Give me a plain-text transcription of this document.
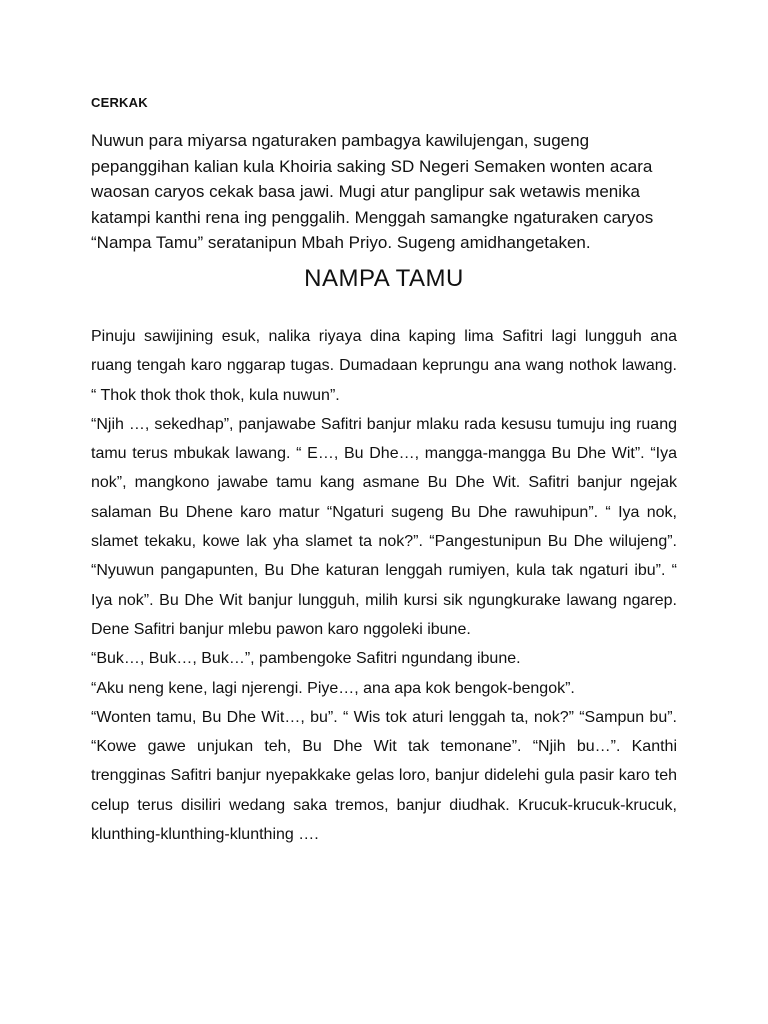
CERKAK

Nuwun para miyarsa ngaturaken pambagya kawilujengan, sugeng pepanggihan kalian kula Khoiria saking SD Negeri Semaken wonten acara waosan caryos cekak basa jawi. Mugi atur panglipur sak wetawis menika katampi kanthi rena ing penggalih. Menggah samangke ngaturaken caryos “Nampa Tamu” seratanipun Mbah Priyo. Sugeng amidhangetaken.

NAMPA TAMU

Pinuju sawijining esuk, nalika riyaya dina kaping lima Safitri lagi lungguh ana ruang tengah karo nggarap tugas. Dumadaan keprungu ana wang nothok lawang. “ Thok thok thok thok, kula nuwun”.

“Njih …, sekedhap”, panjawabe Safitri banjur mlaku rada kesusu tumuju ing ruang tamu terus mbukak lawang. “ E…, Bu Dhe…, mangga-mangga Bu Dhe Wit”. “Iya nok”, mangkono jawabe tamu kang asmane Bu Dhe Wit. Safitri banjur ngejak salaman Bu Dhene karo matur “Ngaturi sugeng Bu Dhe rawuhipun”. “ Iya nok, slamet tekaku, kowe lak yha slamet ta nok?”. “Pangestunipun Bu Dhe wilujeng”. “Nyuwun pangapunten, Bu Dhe katuran lenggah rumiyen, kula tak ngaturi ibu”. “ Iya nok”. Bu Dhe Wit banjur lungguh, milih kursi sik ngungkurake lawang ngarep. Dene Safitri banjur mlebu pawon karo nggoleki ibune.

“Buk…, Buk…, Buk…”, pambengoke Safitri ngundang ibune.

“Aku neng kene, lagi njerengi. Piye…, ana apa kok bengok-bengok”.

“Wonten tamu, Bu Dhe Wit…, bu”. “ Wis tok aturi lenggah ta, nok?” “Sampun bu”. “Kowe gawe unjukan teh, Bu Dhe Wit tak temonane”. “Njih bu…”. Kanthi trengginas Safitri banjur nyepakkake gelas loro, banjur didelehi gula pasir karo teh celup terus disiliri wedang saka tremos, banjur diudhak. Krucuk-krucuk-krucuk, klunthing-klunthing-klunthing ….
